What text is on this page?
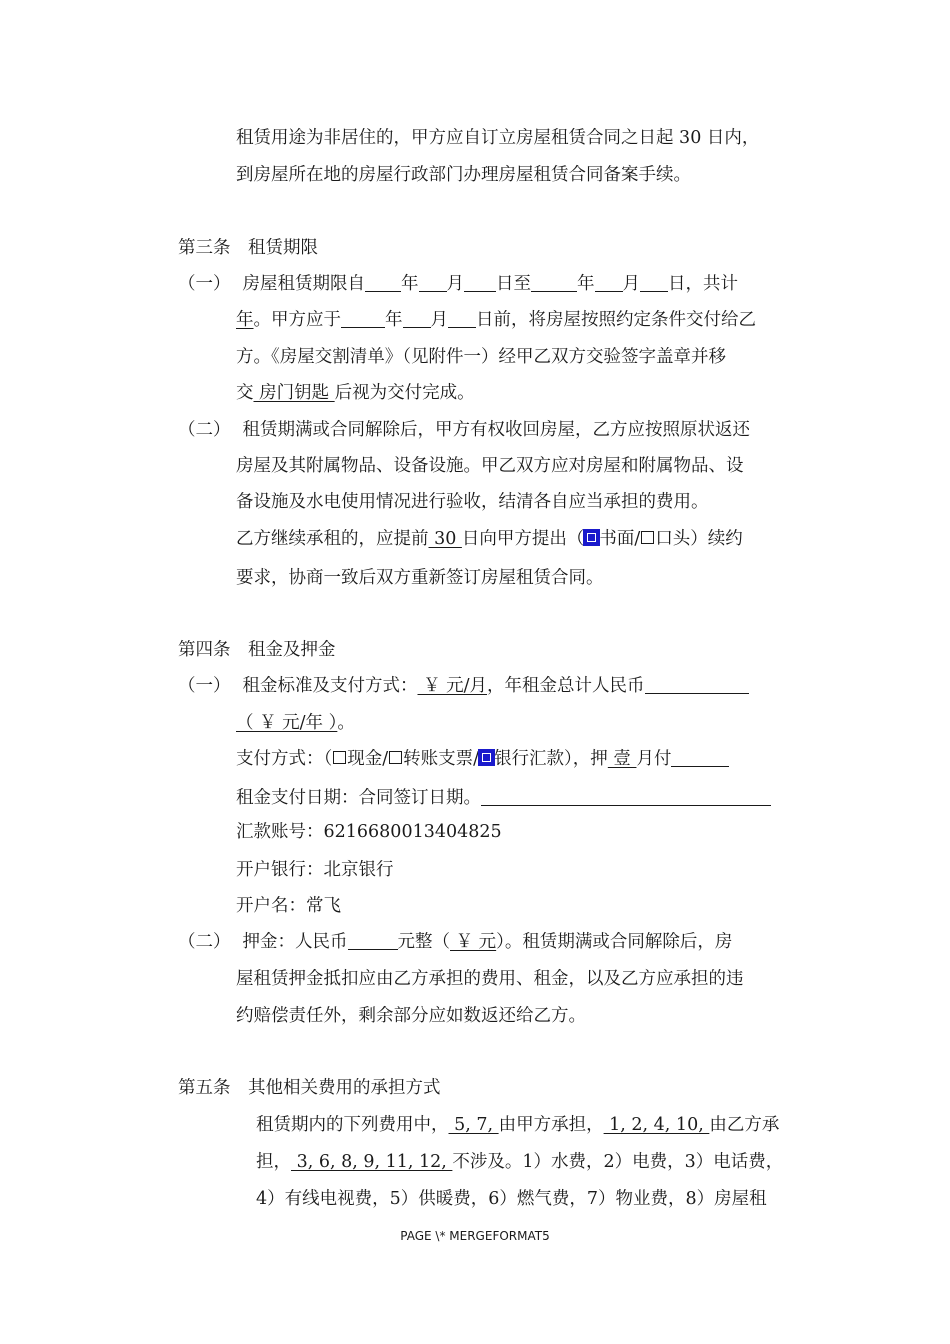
租赁用途为非居住的，甲方应自订立房屋租赁合同之日起 30 日内，
到房屋所在地的房屋行政部门办理房屋租赁合同备案手续。
第三条　租赁期限
（一） 房屋租赁期限自 年 月 日至	年 月 日，共计
年。甲方应于	年 月 日前，将房屋按照约定条件交付给乙
方。《房屋交割清单》（见附件一）经甲乙双方交验签字盖章并移
交 房门钥匙 后视为交付完成。
（二） 租赁期满或合同解除后，甲方有权收回房屋，乙方应按照原状返还
房屋及其附属物品、设备设施。甲乙双方应对房屋和附属物品、设
备设施及水电使用情况进行验收，结清各自应当承担的费用。
乙方继续承租的，应提前 30 日向甲方提出（ 书面/ 口头）续约
要求，协商一致后双方重新签订房屋租赁合同。
第四条　租金及押金
（一） 租金标准及支付方式： ￥ 元/月，年租金总计人民币
（ ￥ 元/年 ）。
支付方式：（ 现金/ 转账支票/ 银行汇款），押 壹 月付
租金支付日期：合同签订日期。
汇款账号：6216680013404825
开户银行：北京银行
开户名：常飞
（二） 押金：人民币	元整（ ￥ 元）。租赁期满或合同解除后，房
屋租赁押金抵扣应由乙方承担的费用、租金，以及乙方应承担的违
约赔偿责任外，剩余部分应如数返还给乙方。
第五条　其他相关费用的承担方式
租赁期内的下列费用中， 5, 7, 由甲方承担， 1, 2, 4, 10, 由乙方承
担， 3, 6, 8, 9, 11, 12, 不涉及。1）水费，2）电费，3）电话费，
4）有线电视费，5）供暖费，6）燃气费，7）物业费，8）房屋租
PAGE \* MERGEFORMAT5
